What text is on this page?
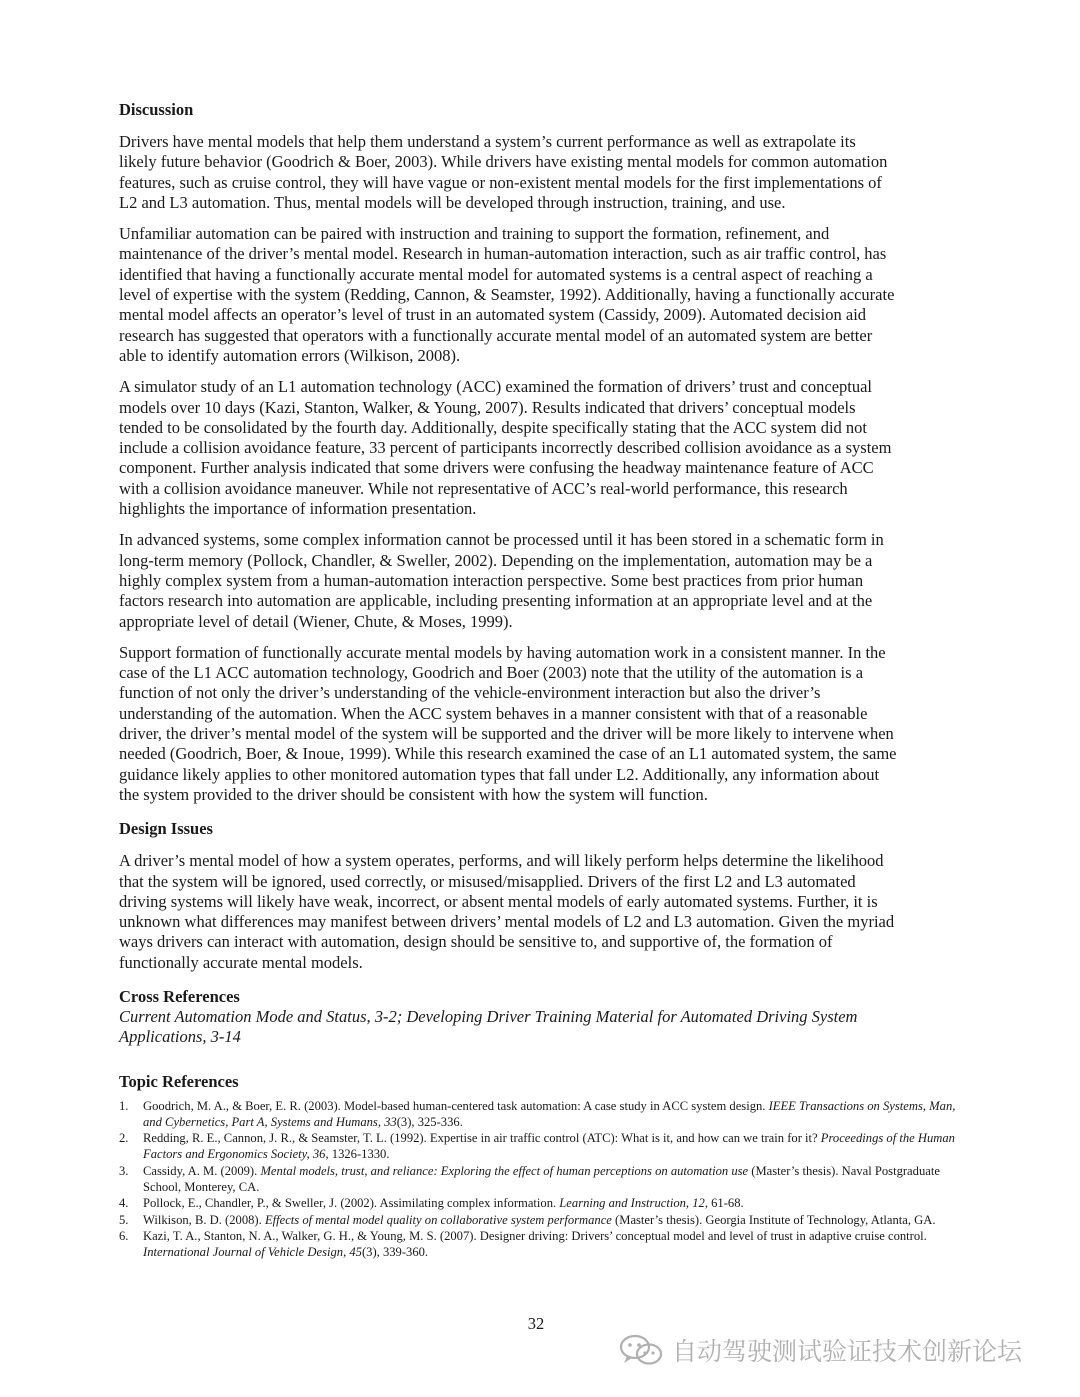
Discussion

Drivers have mental models that help them understand a system’s current performance as well as extrapolate its
likely future behavior (Goodrich & Boer, 2003). While drivers have existing mental models for common automation
features, such as cruise control, they will have vague or non-existent mental models for the first implementations of
L2 and L3 automation. Thus, mental models will be developed through instruction, training, and use.

Unfamiliar automation can be paired with instruction and training to support the formation, refinement, and
maintenance of the driver’s mental model. Research in human-automation interaction, such as air traffic control, has
identified that having a functionally accurate mental model for automated systems is a central aspect of reaching a
level of expertise with the system (Redding, Cannon, & Seamster, 1992). Additionally, having a functionally accurate
mental model affects an operator’s level of trust in an automated system (Cassidy, 2009). Automated decision aid
research has suggested that operators with a functionally accurate mental model of an automated system are better
able to identify automation errors (Wilkison, 2008).

A simulator study of an L1 automation technology (ACC) examined the formation of drivers’ trust and conceptual
models over 10 days (Kazi, Stanton, Walker, & Young, 2007). Results indicated that drivers’ conceptual models
tended to be consolidated by the fourth day. Additionally, despite specifically stating that the ACC system did not
include a collision avoidance feature, 33 percent of participants incorrectly described collision avoidance as a system
component. Further analysis indicated that some drivers were confusing the headway maintenance feature of ACC
with a collision avoidance maneuver. While not representative of ACC’s real-world performance, this research
highlights the importance of information presentation.

In advanced systems, some complex information cannot be processed until it has been stored in a schematic form in
long-term memory (Pollock, Chandler, & Sweller, 2002). Depending on the implementation, automation may be a
highly complex system from a human-automation interaction perspective. Some best practices from prior human
factors research into automation are applicable, including presenting information at an appropriate level and at the
appropriate level of detail (Wiener, Chute, & Moses, 1999).

Support formation of functionally accurate mental models by having automation work in a consistent manner. In the
case of the L1 ACC automation technology, Goodrich and Boer (2003) note that the utility of the automation is a
function of not only the driver’s understanding of the vehicle-environment interaction but also the driver’s
understanding of the automation. When the ACC system behaves in a manner consistent with that of a reasonable
driver, the driver’s mental model of the system will be supported and the driver will be more likely to intervene when
needed (Goodrich, Boer, & Inoue, 1999). While this research examined the case of an L1 automated system, the same
guidance likely applies to other monitored automation types that fall under L2. Additionally, any information about
the system provided to the driver should be consistent with how the system will function.

Design Issues

A driver’s mental model of how a system operates, performs, and will likely perform helps determine the likelihood
that the system will be ignored, used correctly, or misused/misapplied. Drivers of the first L2 and L3 automated
driving systems will likely have weak, incorrect, or absent mental models of early automated systems. Further, it is
unknown what differences may manifest between drivers’ mental models of L2 and L3 automation. Given the myriad
ways drivers can interact with automation, design should be sensitive to, and supportive of, the formation of
functionally accurate mental models.

Cross References

Current Automation Mode and Status, 3-2; Developing Driver Training Material for Automated Driving System
Applications, 3-14

Topic References
1. Goodrich, M. A., & Boer, E. R. (2003). Model-based human-centered task automation: A case study in ACC system design. IEEE Transactions on Systems, Man, and Cybernetics, Part A, Systems and Humans, 33(3), 325-336.
2. Redding, R. E., Cannon, J. R., & Seamster, T. L. (1992). Expertise in air traffic control (ATC): What is it, and how can we train for it? Proceedings of the Human Factors and Ergonomics Society, 36, 1326-1330.
3. Cassidy, A. M. (2009). Mental models, trust, and reliance: Exploring the effect of human perceptions on automation use (Master’s thesis). Naval Postgraduate School, Monterey, CA.
4. Pollock, E., Chandler, P., & Sweller, J. (2002). Assimilating complex information. Learning and Instruction, 12, 61-68.
5. Wilkison, B. D. (2008). Effects of mental model quality on collaborative system performance (Master’s thesis). Georgia Institute of Technology, Atlanta, GA.
6. Kazi, T. A., Stanton, N. A., Walker, G. H., & Young, M. S. (2007). Designer driving: Drivers’ conceptual model and level of trust in adaptive cruise control. International Journal of Vehicle Design, 45(3), 339-360.
32
自动驾驶测试验证技术创新论坛
